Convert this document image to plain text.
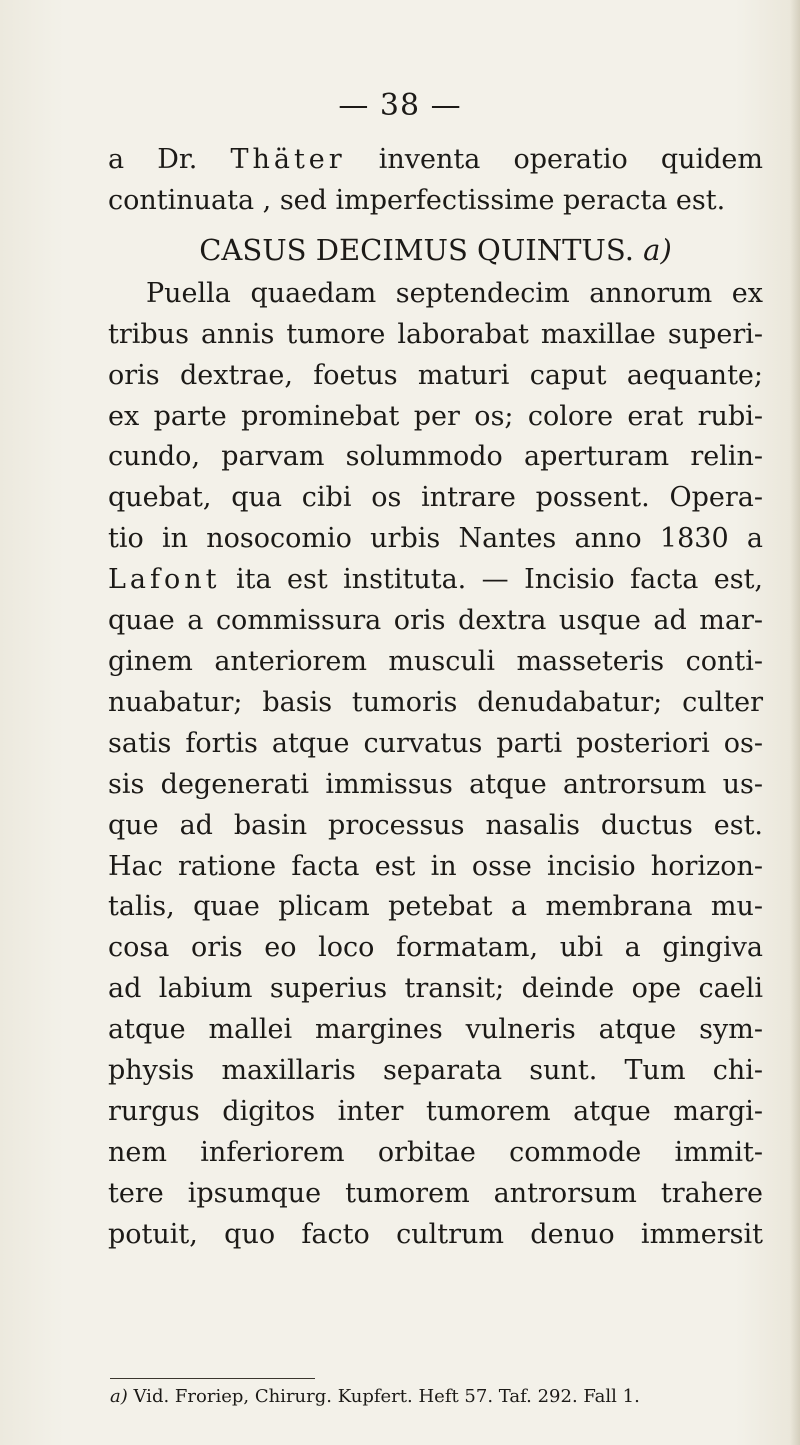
— 38 —
a Dr. Thäter inventa operatio quidem
continuata , sed imperfectissime peracta est.
CASUS DECIMUS QUINTUS. a)
Puella quaedam septendecim annorum ex
tribus annis tumore laborabat maxillae superi-
oris dextrae, foetus maturi caput aequante;
ex parte prominebat per os; colore erat rubi-
cundo, parvam solummodo aperturam relin-
quebat, qua cibi os intrare possent. Opera-
tio in nosocomio urbis Nantes anno 1830 a
Lafont ita est instituta. — Incisio facta est,
quae a commissura oris dextra usque ad mar-
ginem anteriorem musculi masseteris conti-
nuabatur; basis tumoris denudabatur; culter
satis fortis atque curvatus parti posteriori os-
sis degenerati immissus atque antrorsum us-
que ad basin processus nasalis ductus est.
Hac ratione facta est in osse incisio horizon-
talis, quae plicam petebat a membrana mu-
cosa oris eo loco formatam, ubi a gingiva
ad labium superius transit; deinde ope caeli
atque mallei margines vulneris atque sym-
physis maxillaris separata sunt. Tum chi-
rurgus digitos inter tumorem atque margi-
nem inferiorem orbitae commode immit-
tere ipsumque tumorem antrorsum trahere
potuit, quo facto cultrum denuo immersit
a) Vid. Froriep, Chirurg. Kupfert. Heft 57. Taf. 292. Fall 1.
